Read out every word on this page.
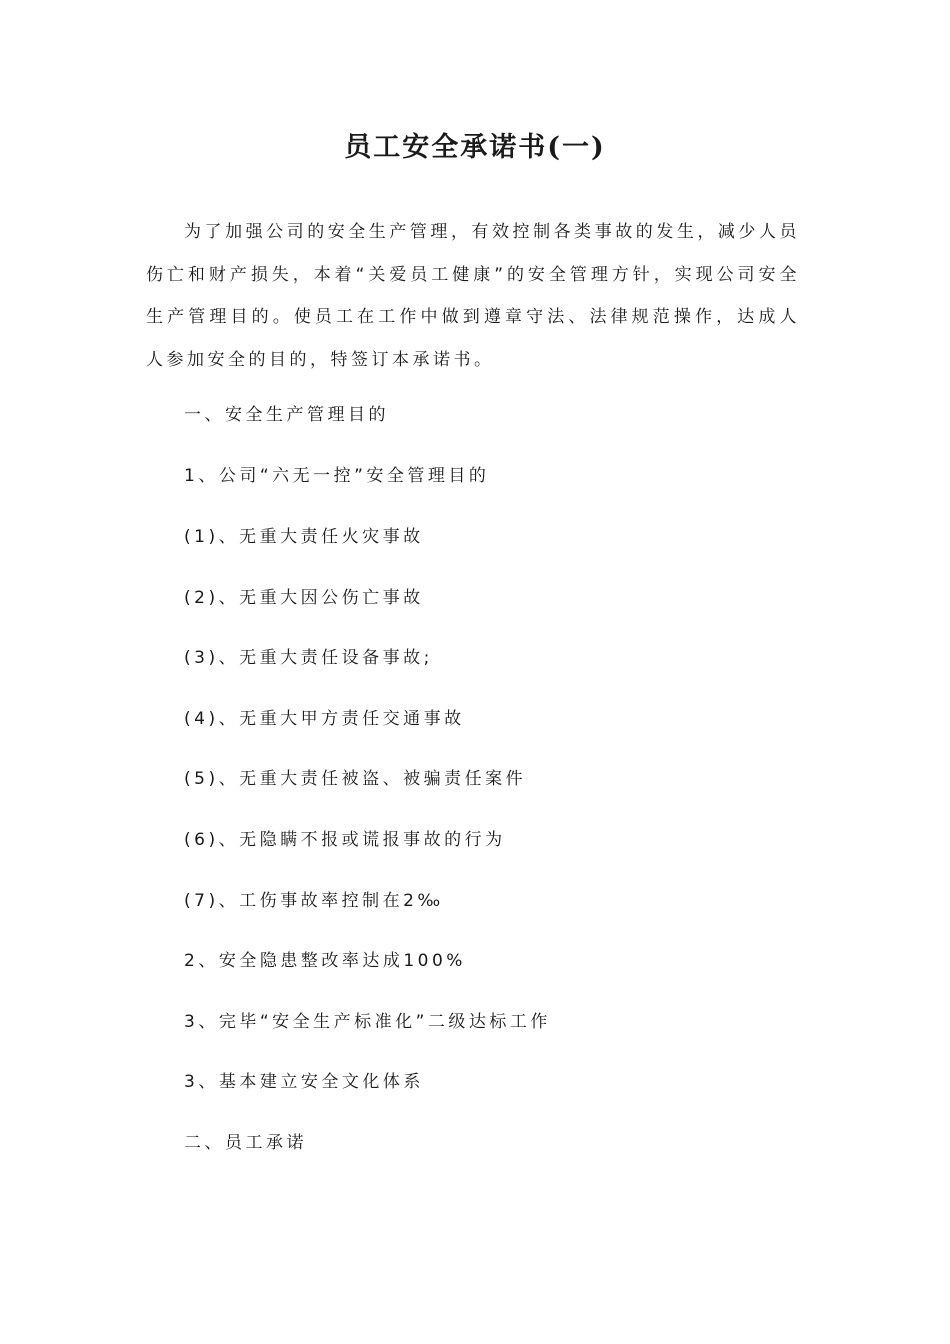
员工安全承诺书(一)

为了加强公司的安全生产管理，有效控制各类事故的发生，减少人员伤亡和财产损失，本着“关爱员工健康”的安全管理方针，实现公司安全生产管理目的。使员工在工作中做到遵章守法、法律规范操作，达成人人参加安全的目的，特签订本承诺书。

一、安全生产管理目的

1、公司“六无一控”安全管理目的

(1)、无重大责任火灾事故

(2)、无重大因公伤亡事故

(3)、无重大责任设备事故;

(4)、无重大甲方责任交通事故

(5)、无重大责任被盗、被骗责任案件

(6)、无隐瞒不报或谎报事故的行为

(7)、工伤事故率控制在2‰

2、安全隐患整改率达成100%

3、完毕“安全生产标准化”二级达标工作

3、基本建立安全文化体系

二、员工承诺
